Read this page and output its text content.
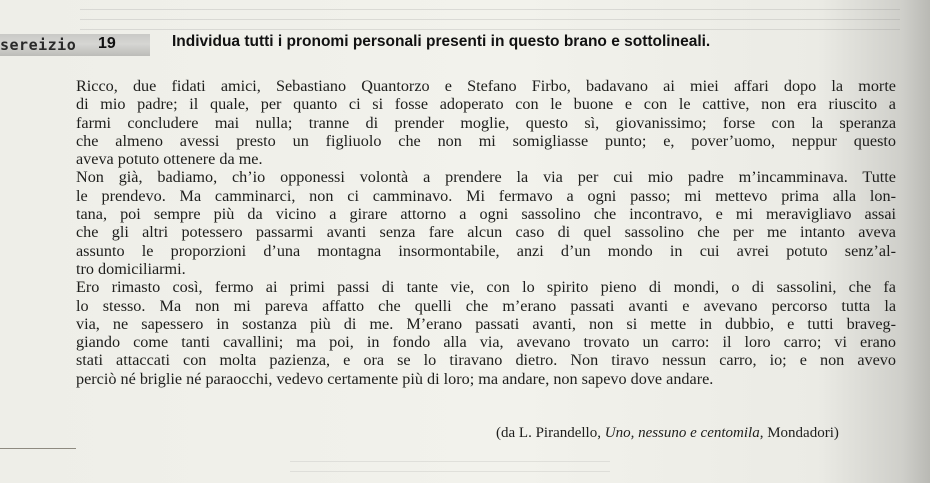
sereizio 19	Individua tutti i pronomi personali presenti in questo brano e sottolineali.
Ricco, due fidati amici, Sebastiano Quantorzo e Stefano Firbo, badavano ai miei affari dopo la morte
di mio padre; il quale, per quanto ci si fosse adoperato con le buone e con le cattive, non era riuscito a
farmi concludere mai nulla; tranne di prender moglie, questo sì, giovanissimo; forse con la speranza
che almeno avessi presto un figliuolo che non mi somigliasse punto; e, pover’uomo, neppur questo
aveva potuto ottenere da me.
Non già, badiamo, ch’io opponessi volontà a prendere la via per cui mio padre m’incamminava. Tutte
le prendevo. Ma camminarci, non ci camminavo. Mi fermavo a ogni passo; mi mettevo prima alla lon-
tana, poi sempre più da vicino a girare attorno a ogni sassolino che incontravo, e mi meravigliavo assai
che gli altri potessero passarmi avanti senza fare alcun caso di quel sassolino che per me intanto aveva
assunto le proporzioni d’una montagna insormontabile, anzi d’un mondo in cui avrei potuto senz’al-
tro domiciliarmi.
Ero rimasto così, fermo ai primi passi di tante vie, con lo spirito pieno di mondi, o di sassolini, che fa
lo stesso. Ma non mi pareva affatto che quelli che m’erano passati avanti e avevano percorso tutta la
via, ne sapessero in sostanza più di me. M’erano passati avanti, non si mette in dubbio, e tutti braveg-
giando come tanti cavallini; ma poi, in fondo alla via, avevano trovato un carro: il loro carro; vi erano
stati attaccati con molta pazienza, e ora se lo tiravano dietro. Non tiravo nessun carro, io; e non avevo
perciò né briglie né paraocchi, vedevo certamente più di loro; ma andare, non sapevo dove andare.
(da L. Pirandello, Uno, nessuno e centomila, Mondadori)
